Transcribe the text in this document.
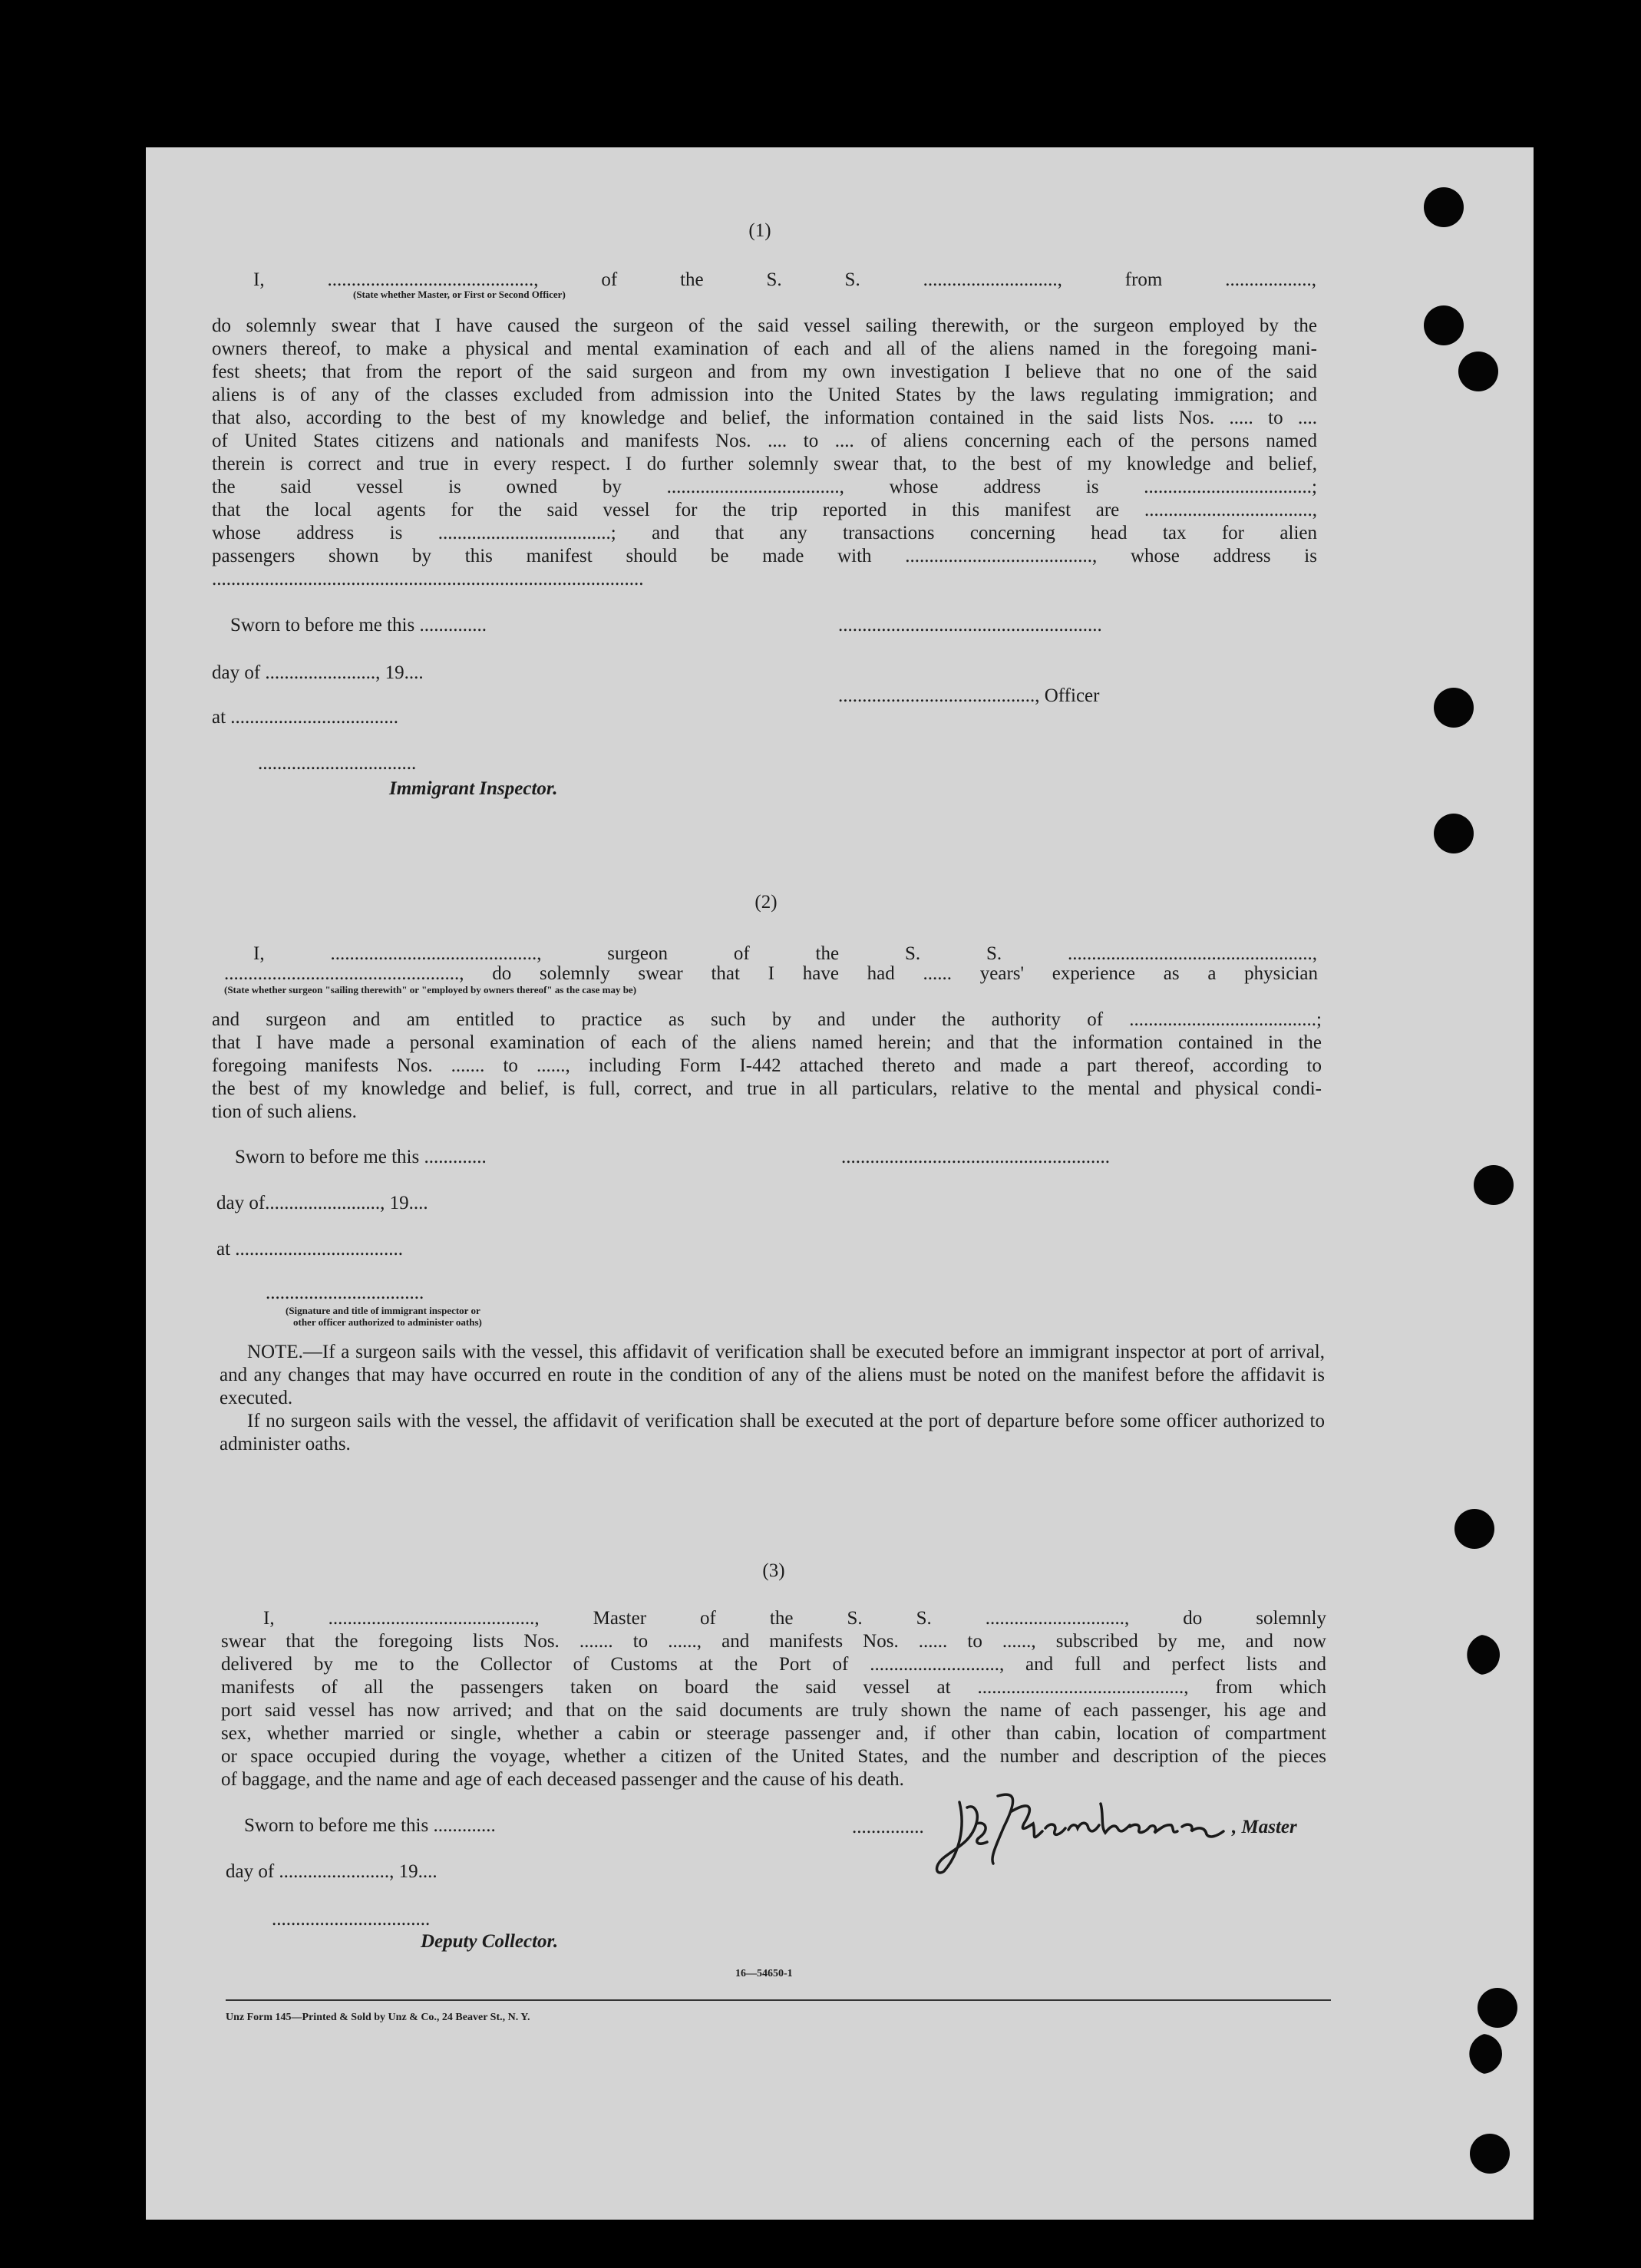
(1)
I, ..........................................., of the S. S. ............................, from ..................,
(State whether Master, or First or Second Officer)
do solemnly swear that I have caused the surgeon of the said vessel sailing therewith, or the surgeon employed by the
owners thereof, to make a physical and mental examination of each and all of the aliens named in the foregoing mani-
fest sheets; that from the report of the said surgeon and from my own investigation I believe that no one of the said
aliens is of any of the classes excluded from admission into the United States by the laws regulating immigration; and
that also, according to the best of my knowledge and belief, the information contained in the said lists Nos. ..... to ....
of United States citizens and nationals and manifests Nos. .... to .... of aliens concerning each of the persons named
therein is correct and true in every respect. I do further solemnly swear that, to the best of my knowledge and belief,
the said vessel is owned by ...................................., whose address is ...................................;
that the local agents for the said vessel for the trip reported in this manifest are ...................................,
whose address is ....................................; and that any transactions concerning head tax for alien
passengers shown by this manifest should be made with ......................................., whose address is
..........................................................................................
Sworn to before me this ..............	.......................................................
day of ......................., 19....
........................................., Officer
at ...................................
.................................
Immigrant Inspector.
(2)
I, ..........................................., surgeon of the S. S. ...................................................,
................................................., do solemnly swear that I have had ...... years' experience as a physician
(State whether surgeon "sailing therewith" or "employed by owners thereof" as the case may be)
and surgeon and am entitled to practice as such by and under the authority of .......................................;
that I have made a personal examination of each of the aliens named herein; and that the information contained in the
foregoing manifests Nos. ....... to ......, including Form I-442 attached thereto and made a part thereof, according to
the best of my knowledge and belief, is full, correct, and true in all particulars, relative to the mental and physical condi-
tion of such aliens.
Sworn to before me this .............	........................................................
day of........................, 19....
at ...................................
.................................
(Signature and title of immigrant inspector or
other officer authorized to administer oaths)
NOTE.—If a surgeon sails with the vessel, this affidavit of verification shall be executed before an immigrant inspector at port of arrival, and any changes that may have occurred en route in the condition of any of the aliens must be noted on the manifest before the affidavit is executed.
If no surgeon sails with the vessel, the affidavit of verification shall be executed at the port of departure before some officer authorized to administer oaths.
(3)
I, ..........................................., Master of the S. S. ............................., do solemnly
swear that the foregoing lists Nos. ....... to ......, and manifests Nos. ...... to ......, subscribed by me, and now
delivered by me to the Collector of Customs at the Port of ..........................., and full and perfect lists and
manifests of all the passengers taken on board the said vessel at ..........................................., from which
port said vessel has now arrived; and that on the said documents are truly shown the name of each passenger, his age and
sex, whether married or single, whether a cabin or steerage passenger and, if other than cabin, location of compartment
or space occupied during the voyage, whether a citizen of the United States, and the number and description of the pieces
of baggage, and the name and age of each deceased passenger and the cause of his death.
Sworn to before me this .............	...............	, Master
day of ......................., 19....
.................................
Deputy Collector.
16—54650-1
Unz Form 145—Printed & Sold by Unz & Co., 24 Beaver St., N. Y.
